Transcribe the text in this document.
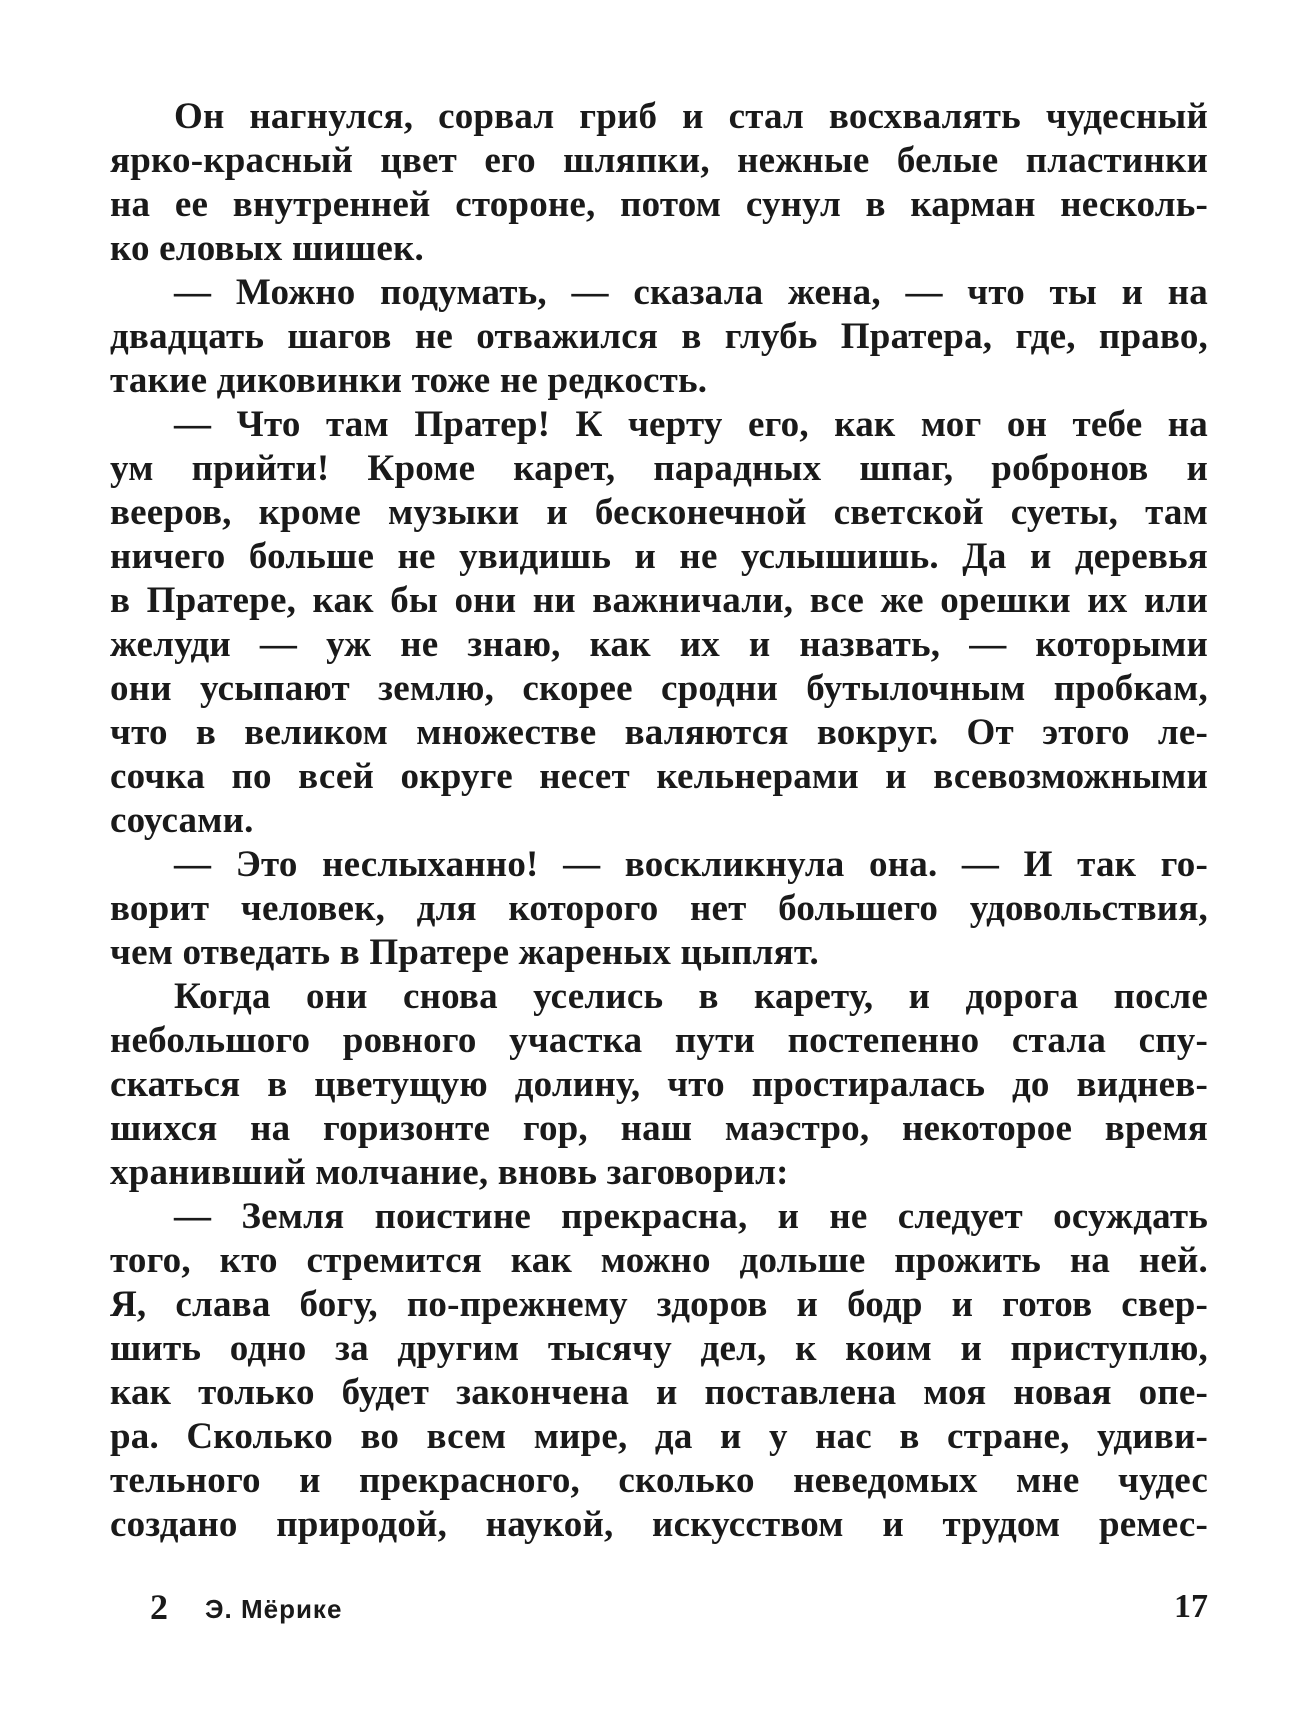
Он нагнулся, сорвал гриб и стал восхвалять чудесный
ярко-красный цвет его шляпки, нежные белые пластинки
на ее внутренней стороне, потом сунул в карман несколь-
ко еловых шишек.
— Можно подумать, — сказала жена, — что ты и на
двадцать шагов не отважился в глубь Пратера, где, право,
такие диковинки тоже не редкость.
— Что там Пратер! К черту его, как мог он тебе на
ум прийти! Кроме карет, парадных шпаг, робронов и
вееров, кроме музыки и бесконечной светской суеты, там
ничего больше не увидишь и не услышишь. Да и деревья
в Пратере, как бы они ни важничали, все же орешки их или
желуди — уж не знаю, как их и назвать, — которыми
они усыпают землю, скорее сродни бутылочным пробкам,
что в великом множестве валяются вокруг. От этого ле-
сочка по всей округе несет кельнерами и всевозможными
соусами.
— Это неслыханно! — воскликнула она. — И так го-
ворит человек, для которого нет большего удовольствия,
чем отведать в Пратере жареных цыплят.
Когда они снова уселись в карету, и дорога после
небольшого ровного участка пути постепенно стала спу-
скаться в цветущую долину, что простиралась до виднев-
шихся на горизонте гор, наш маэстро, некоторое время
хранивший молчание, вновь заговорил:
— Земля поистине прекрасна, и не следует осуждать
того, кто стремится как можно дольше прожить на ней.
Я, слава богу, по-прежнему здоров и бодр и готов свер-
шить одно за другим тысячу дел, к коим и приступлю,
как только будет закончена и поставлена моя новая опе-
ра. Сколько во всем мире, да и у нас в стране, удиви-
тельного и прекрасного, сколько неведомых мне чудес
создано природой, наукой, искусством и трудом ремес-
2 Э. Мёрике	17
